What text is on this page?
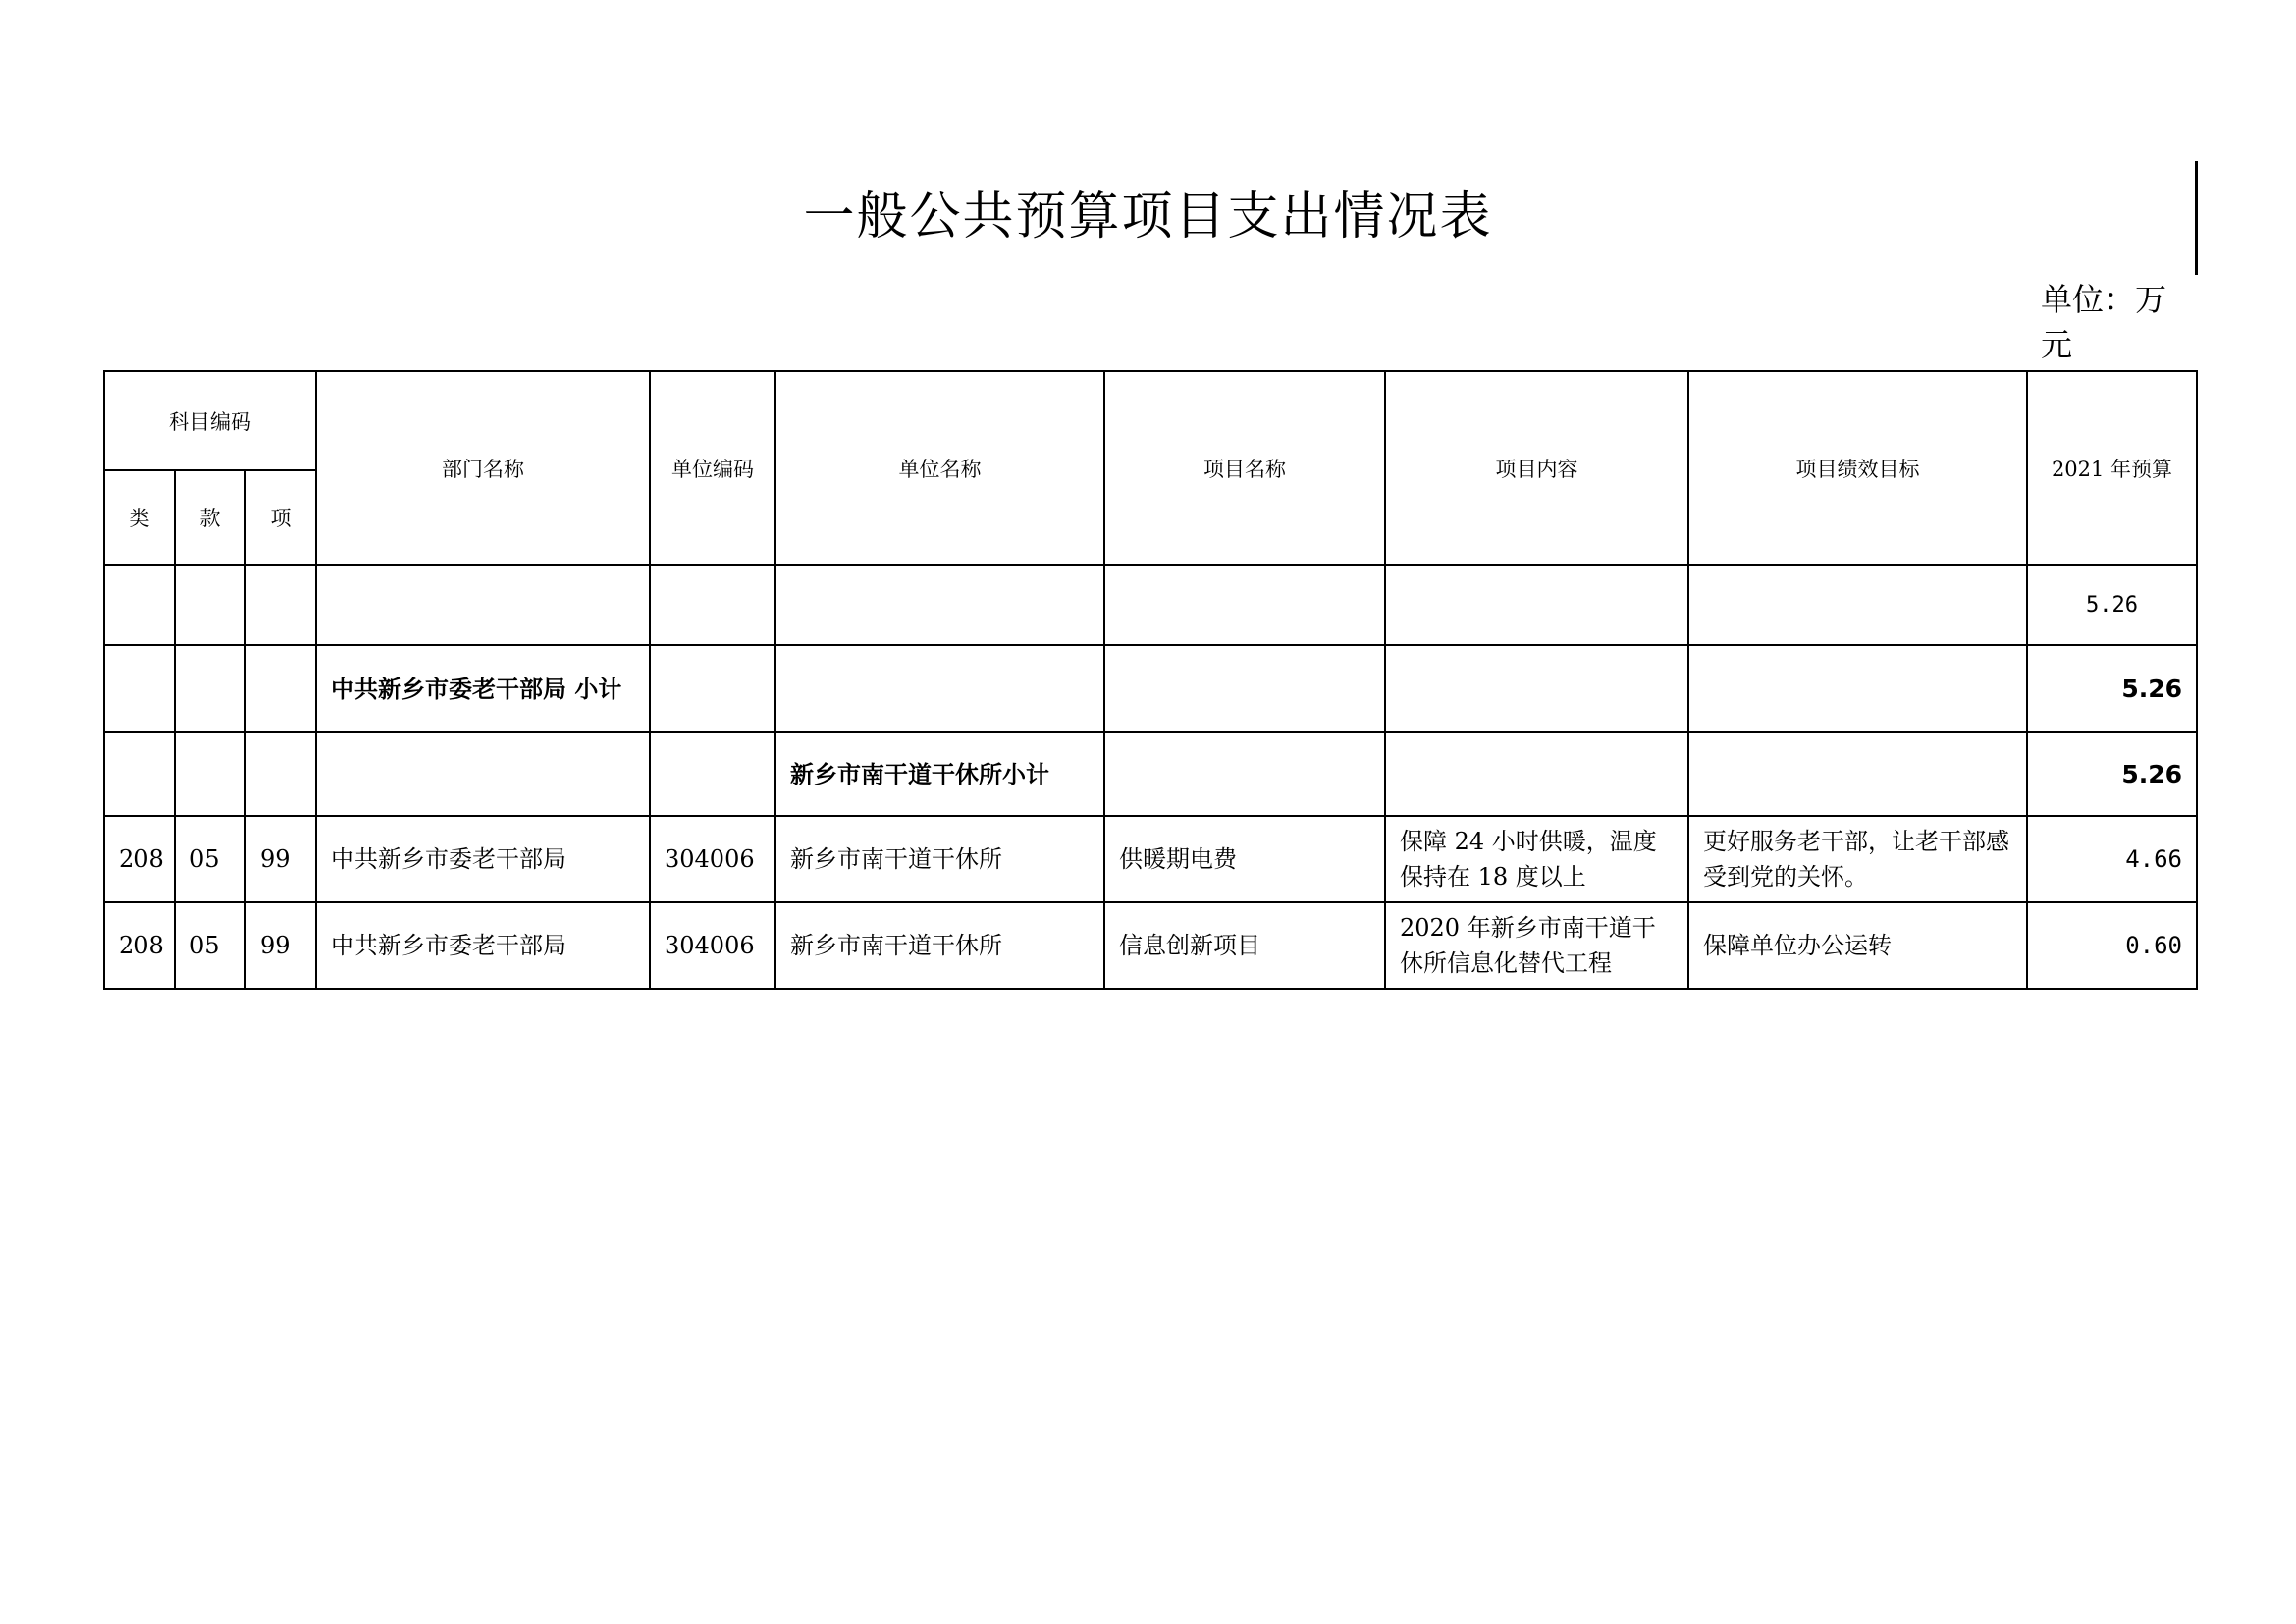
一般公共预算项目支出情况表
单位：万元
科目编码			部门名称	单位编码	单位名称	项目名称	项目内容	项目绩效目标	2021 年预算
类	款	项							
									5.26
			中共新乡市委老干部局 小计						5.26
					新乡市南干道干休所小计				5.26
208	05	99	中共新乡市委老干部局	304006	新乡市南干道干休所	供暖期电费	保障 24 小时供暖，温度保持在 18 度以上	更好服务老干部，让老干部感受到党的关怀。	4.66
208	05	99	中共新乡市委老干部局	304006	新乡市南干道干休所	信息创新项目	2020 年新乡市南干道干休所信息化替代工程	保障单位办公运转	0.60
